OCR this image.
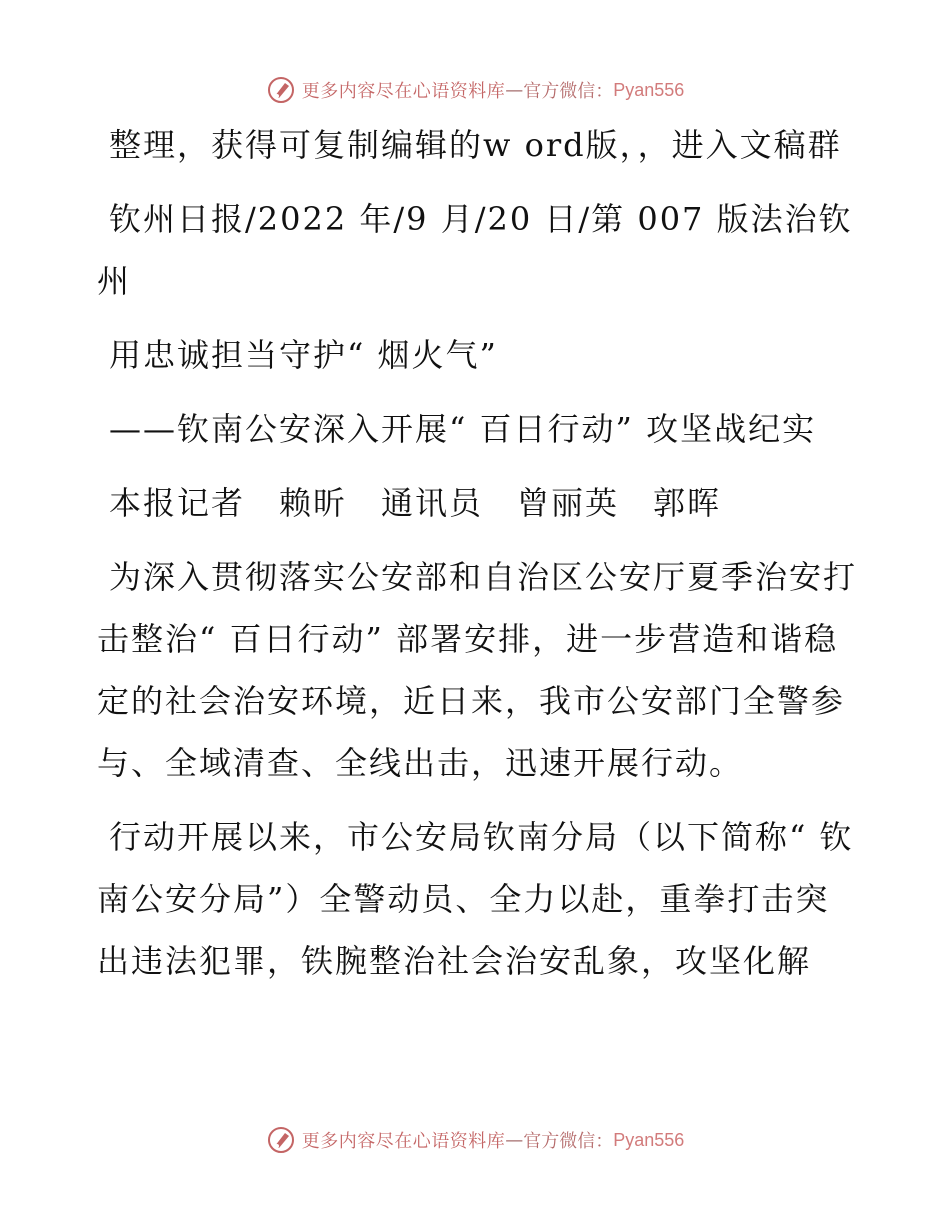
更多内容尽在心语资料库 — 官方微信： Pyan556

整理，获得可复制编辑的w ord版，，进入文稿群

钦州日报/2022 年/9 月/20 日/第 007 版法治钦州

用忠诚担当守护“ 烟火气”

——钦南公安深入开展“ 百日行动” 攻坚战纪实

本报记者　赖昕　通讯员　曾丽英　郭晖

为深入贯彻落实公安部和自治区公安厅夏季治安打击整治“ 百日行动” 部署安排，进一步营造和谐稳定的社会治安环境，近日来，我市公安部门全警参与、全域清查、全线出击，迅速开展行动。

行动开展以来，市公安局钦南分局（以下简称“ 钦南公安分局”）全警动员、全力以赴，重拳打击突出违法犯罪，铁腕整治社会治安乱象，攻坚化解

更多内容尽在心语资料库 — 官方微信： Pyan556
